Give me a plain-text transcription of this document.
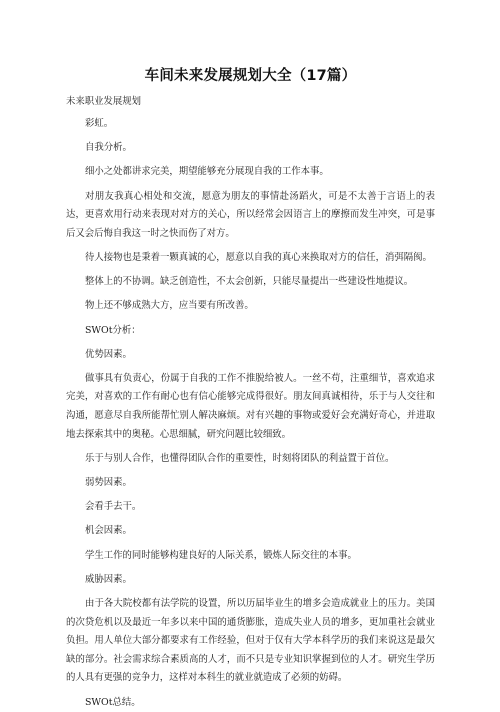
车间未来发展规划大全（17篇）
未来职业发展规划

彩虹。

自我分析。

细小之处都讲求完美，期望能够充分展现自我的工作本事。

对朋友我真心相处和交流，愿意为朋友的事情赴汤蹈火，可是不太善于言语上的表达，更喜欢用行动来表现对对方的关心，所以经常会因语言上的摩擦而发生冲突，可是事后又会后悔自我这一时之快而伤了对方。

待人接物也是秉着一颗真诚的心，愿意以自我的真心来换取对方的信任，消弭隔阂。

整体上的不协调。缺乏创造性，不太会创新，只能尽量提出一些建设性地提议。

物上还不够成熟大方，应当要有所改善。

SWOt分析：

优势因素。

做事具有负责心，份属于自我的工作不推脱给被人。一丝不苟，注重细节，喜欢追求完美，对喜欢的工作有耐心也有信心能够完成得很好。朋友间真诚相待，乐于与人交往和沟通，愿意尽自我所能帮忙别人解决麻烦。对有兴趣的事物或爱好会充满好奇心，并进取地去探索其中的奥秘。心思细腻，研究问题比较细致。

乐于与别人合作，也懂得团队合作的重要性，时刻将团队的利益置于首位。

弱势因素。

会看手去干。

机会因素。

学生工作的同时能够构建良好的人际关系，锻炼人际交往的本事。

威胁因素。

由于各大院校都有法学院的设置，所以历届毕业生的增多会造成就业上的压力。美国的次贷危机以及最近一年多以来中国的通货膨胀，造成失业人员的增多，更加重社会就业负担。用人单位大部分都要求有工作经验，但对于仅有大学本科学历的我们来说这是最欠缺的部分。社会需求综合素质高的人才，而不只是专业知识掌握到位的人才。研究生学历的人具有更强的竞争力，这样对本科生的就业就造成了必须的妨碍。

SWOt总结。
